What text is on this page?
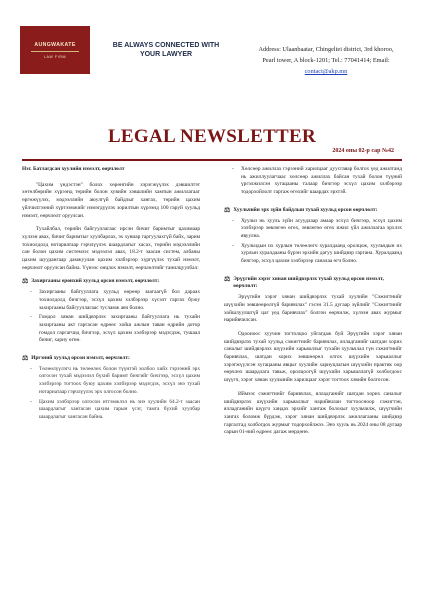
AUNGWAKATE
LAW FIRM
BE ALWAYS CONNECTED WITH YOUR LAWYER
Address: Ulaanbaatar, Chingeltei district, 3rd khoroo,
Pearl tower, A block-1201; Tel.: 77041414; Email:
contact@akp.mn
LEGAL NEWSLETTER
2024 оны 02-р сар №42

Нэг. Батлагдсан хуулийн нэмэлт, өөрчлөлт

"Цахим үндэстэн" болох хөрөнгийн хэрэгжүүлэх дэвшилтэт хөтөлбөрийн хүрээнд төрийн болон хувийн хэвшлийн хамтын ажиллагааг өргөжүүлэх, мэдээллийн аюулгүй байдлыг хангах, төрийн цахим үйлчилгээний хүртээмжийг нэмэгдүүлэх зорилтын хүрээнд 100 гаруй хуульд нэмэлт, өөрчлөлт оруулсан.

Тухайлбал, төрийн байгууллагаас ирсэн бичиг баримтыг цахимаар хүлээн авах, бичиг баримтыг хуулбарлах, эх хувиар гаргуулахгүй байх, зарим тохиолдолд нотариатаар гэрчлүүлэх шаардлагыг хасах, төрийн мэдээллийн сан болон цахим системээс мэдээлэл авах, 18.2-т заасан систем, албаны цахим шуудангаар дамжуулан цахим хэлбэрээр хүргүүлэх тухай нэмэлт, өөрчлөлт оруулсан байна. Үүнээс онцлох нэмэлт, өөрчлөлтийг танилцуулбал:

⚖ Захиргааны ерөнхий хуульд орсон нэмэлт, өөрчлөлт:
-	Захиргааны байгууллага хуульд өөрөөр заагаагүй бол дараах тохиолдолд бичгээр, эсхүл цахим хэлбэрээр хүсэлт гаргах буюу захиргааны байгууллагаас тусламж авч болно.
-	Гомдол хянан шийдвэрлэх захиргааны байгууллага нь тухайн захиргааны акт гаргасан өдрөөс хойш ажлын таван өдрийн дотор гомдол гаргагчид бичгээр, эсхүл цахим хэлбэрээр мэдэгдэж, тушаал бичиг, хариу өгнө.
⚖ Иргэний хуульд орсон нэмэлт, өөрчлөлт:
-	Төлөөлүүлэгч нь төлөөлөх болон түүнтэй холбоо хийх гэрээний эрх олгосон тухай мэдээлэл бүхий баримт бичгийг бичгээр, эсхүл цахим хэлбэрээр тогтоох буюу цахим хэлбэрээр мэдэгдэх, эсхүл энэ тухай нотариатаар гэрчлүүлэх эрх олгосон болно.
-	Цахим хэлбэрээр олгосон итгэмжлэл нь энэ хуулийн 64.2-т заасан шаардлагыг хангасан цахим гарын үсэг, тамга бүхий хуулбар шаардлагыг хангасан байна.
-	Хөлсөөр ажиллах гэрээний харилцааг дуусгавар болгох үед ажилтанд нь ажиллуулагчаас хөлсөөр ажиллах байсан тухай болон түүний үргэлжилсэн хугацааны талаар бичгээр эсхүл цахим хэлбэрээр тодорхойлолт гаргаж өгөхийг шаардах эрхтэй.
⚖ Хуульчийн эрх зүйн байдлын тухай хуульд орсон өөрчлөлт:
-	Хуульч нь хууль зүйн асуудлаар амаар эсхүл бичгээр, эсхүл цахим хэлбэрээр зөвлөгөө өгөх, зөвлөгөө өгөх ижил үйл ажиллагаа эрхлэх явуулна.
-	Хуульчдын их хурлын төлөөлөгч хуралдаанд оролцож, хуульчдын их хурлын хуралдааны бүрэн эрхийн дагуу шийдвэр гаргана. Хуралдаанд бичгээр, эсхүл цахим хэлбэрээр саналаа өгч болно.
⚖ Эрүүгийн хэрэг хянан шийдвэрлэх тухай хуульд орсон нэмэлт, өөрчлөлт:

Эрүүгийн хэрэг хянан шийдвэрлэх тухай хуулийн "Сэжигтнийг шүүхийн зөвшөөрөлгүй баривчлах" гэсэн 31.5 дугаар зүйлийг "Сэжигтнийг хойшлуулшгүй цаг үед баривчлах" болгон өөрчилж, хүлээн авах журмыг нарийвчилсан.

Одооноос хуучин тогтолцоо уйгагдаж буй Эрүүгийн хэрэг хянан шийдвэрлэх тухай хуульд сэжигтнийг баривчлах, ялладганийг шатдан хорих саналыг шийдвэрлэх шүүхийн харьяаллыг тухайн хуульчлал гүн сэжигтнийг баривчлах, шатдан хорих зөвшөөрөл олгох шүүхийн харьяаллыг хэрэгжүүлсэн хугацааны явцыг хуулийн хариуцлагын шүүхийн практик оор өөрчлөх шаардлага тавьж, оролцоогүй шүүхийн харьяаллагүй холбогдоос шүүгч, хэрэг хянан хуульчийн харилцааг хэрэг тогтоох хэвийн болгосон.

Иймээс сэжигтнийг баривчлах, ялладганийг шатдан хорих саналыг шийдвэрлэх шүүхийн харьяаллыг нарийвчлан тогтоосноор сэжигтэн, ялладганийн шүүгч хандах эрхийг хангаж болохыг хуульчилж, шүүгчийн хангах боломж бүрдэж, хэрэг хянан шийдвэрлэх ажиллагааны шийдвэр гаргалтад холбогдох журмыг тодорхойлжээ. Энэ хууль нь 2024 оны 08 дугаар сарын 01-ний өдрөөс дагаж мөрдөнө.
